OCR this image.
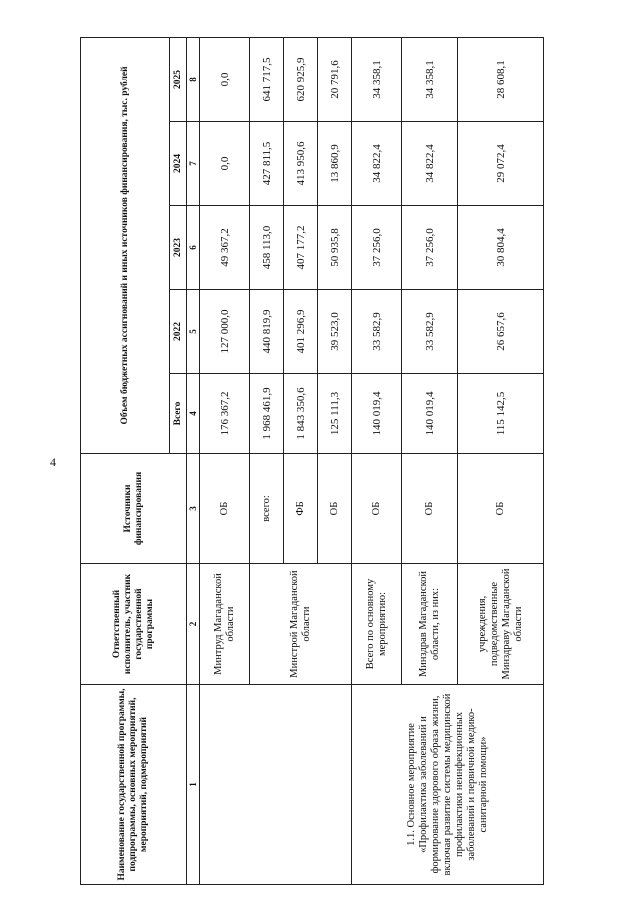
4
Наименование государственной программы, подпрограммы, основных мероприятий, мероприятий, подмероприятий	Ответственный исполнитель, участник государственной программы	Источники финансирования	Объем бюджетных ассигнований и иных источников финансирования, тыс. рублей				
			Всего	2022	2023	2024	2025
1	2	3	4	5	6	7	8
	Минтруд Магаданской области	ОБ	176 367,2	127 000,0	49 367,2	0,0	0,0
	Минстрой Магаданской области	всего:	1 968 461,9	440 819,9	458 113,0	427 811,5	641 717,5
		ФБ	1 843 350,6	401 296,9	407 177,2	413 950,6	620 925,9
		ОБ	125 111,3	39 523,0	50 935,8	13 860,9	20 791,6
1.1. Основное мероприятие «Профилактика заболеваний и формирование здорового образа жизни, включая развитие системы медицинской профилактики неинфекционных заболеваний и первичной медико-санитарной помощи»	Всего по основному мероприятию:	ОБ	140 019,4	33 582,9	37 256,0	34 822,4	34 358,1
	Минздрав Магаданской области, из них:	ОБ	140 019,4	33 582,9	37 256,0	34 822,4	34 358,1
	учреждения, подведомственные Минздраву Магаданской области	ОБ	115 142,5	26 657,6	30 804,4	29 072,4	28 608,1
